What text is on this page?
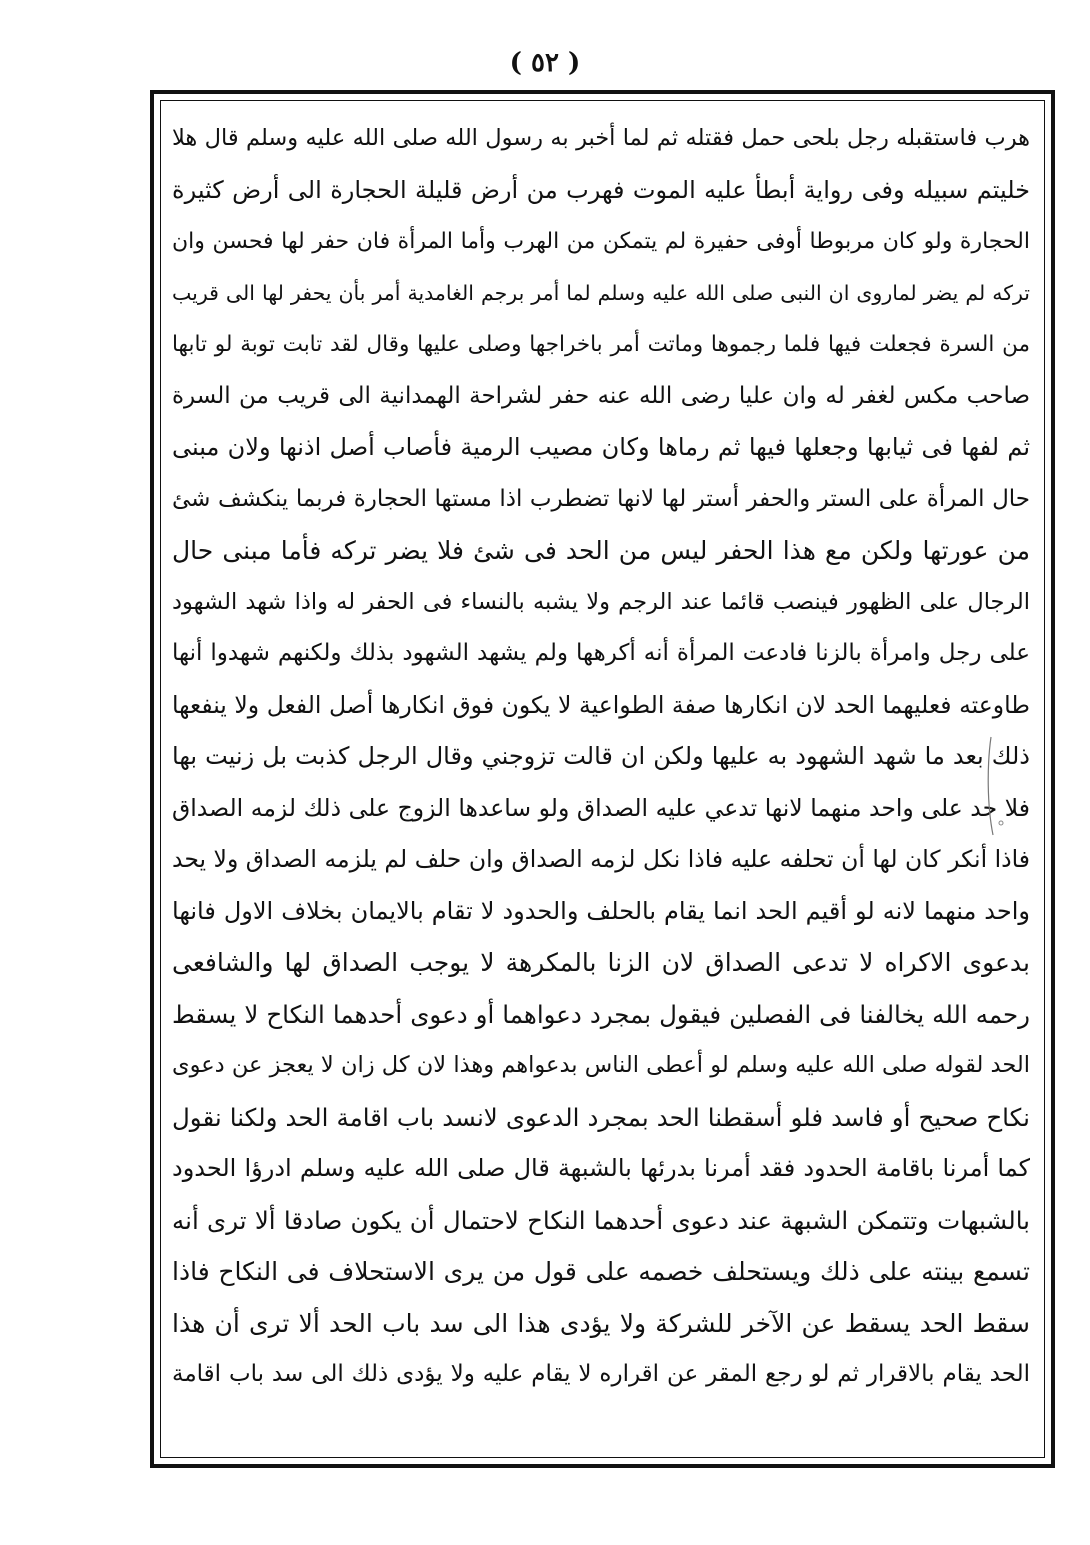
( ٥٢ )
هرب فاستقبله رجل بلحى حمل فقتله ثم لما أخبر به رسول الله صلى الله عليه وسلم قال هلا
خليتم سبيله وفى رواية أبطأ عليه الموت فهرب من أرض قليلة الحجارة الى أرض كثيرة
الحجارة ولو كان مربوطا أوفى حفيرة لم يتمكن من الهرب وأما المرأة فان حفر لها فحسن وان
تركه لم يضر لماروى ان النبى صلى الله عليه وسلم لما أمر برجم الغامدية أمر بأن يحفر لها الى قريب
من السرة فجعلت فيها فلما رجموها وماتت أمر باخراجها وصلى عليها وقال لقد تابت توبة لو تابها
صاحب مكس لغفر له وان عليا رضى الله عنه حفر لشراحة الهمدانية الى قريب من السرة
ثم لفها فى ثيابها وجعلها فيها ثم رماها وكان مصيب الرمية فأصاب أصل اذنها ولان مبنى
حال المرأة على الستر والحفر أستر لها لانها تضطرب اذا مستها الحجارة فربما ينكشف شئ
من عورتها ولكن مع هذا الحفر ليس من الحد فى شئ فلا يضر تركه فأما مبنى حال
الرجال على الظهور فينصب قائما عند الرجم ولا يشبه بالنساء فى الحفر له واذا شهد الشهود
على رجل وامرأة بالزنا فادعت المرأة أنه أكرهها ولم يشهد الشهود بذلك ولكنهم شهدوا أنها
طاوعته فعليهما الحد لان انكارها صفة الطواعية لا يكون فوق انكارها أصل الفعل ولا ينفعها
ذلك بعد ما شهد الشهود به عليها ولكن ان قالت تزوجني وقال الرجل كذبت بل زنيت بها
فلا حد على واحد منهما لانها تدعي عليه الصداق ولو ساعدها الزوج على ذلك لزمه الصداق
فاذا أنكر كان لها أن تحلفه عليه فاذا نكل لزمه الصداق وان حلف لم يلزمه الصداق ولا يحد
واحد منهما لانه لو أقيم الحد انما يقام بالحلف والحدود لا تقام بالايمان بخلاف الاول فانها
بدعوى الاكراه لا تدعى الصداق لان الزنا بالمكرهة لا يوجب الصداق لها والشافعى
رحمه الله يخالفنا فى الفصلين فيقول بمجرد دعواهما أو دعوى أحدهما النكاح لا يسقط
الحد لقوله صلى الله عليه وسلم لو أعطى الناس بدعواهم وهذا لان كل زان لا يعجز عن دعوى
نكاح صحيح أو فاسد فلو أسقطنا الحد بمجرد الدعوى لانسد باب اقامة الحد ولكنا نقول
كما أمرنا باقامة الحدود فقد أمرنا بدرئها بالشبهة قال صلى الله عليه وسلم ادرؤا الحدود
بالشبهات وتتمكن الشبهة عند دعوى أحدهما النكاح لاحتمال أن يكون صادقا ألا ترى أنه
تسمع بينته على ذلك ويستحلف خصمه على قول من يرى الاستحلاف فى النكاح فاذا
سقط الحد يسقط عن الآخر للشركة ولا يؤدى هذا الى سد باب الحد ألا ترى أن هذا
الحد يقام بالاقرار ثم لو رجع المقر عن اقراره لا يقام عليه ولا يؤدى ذلك الى سد باب اقامة
